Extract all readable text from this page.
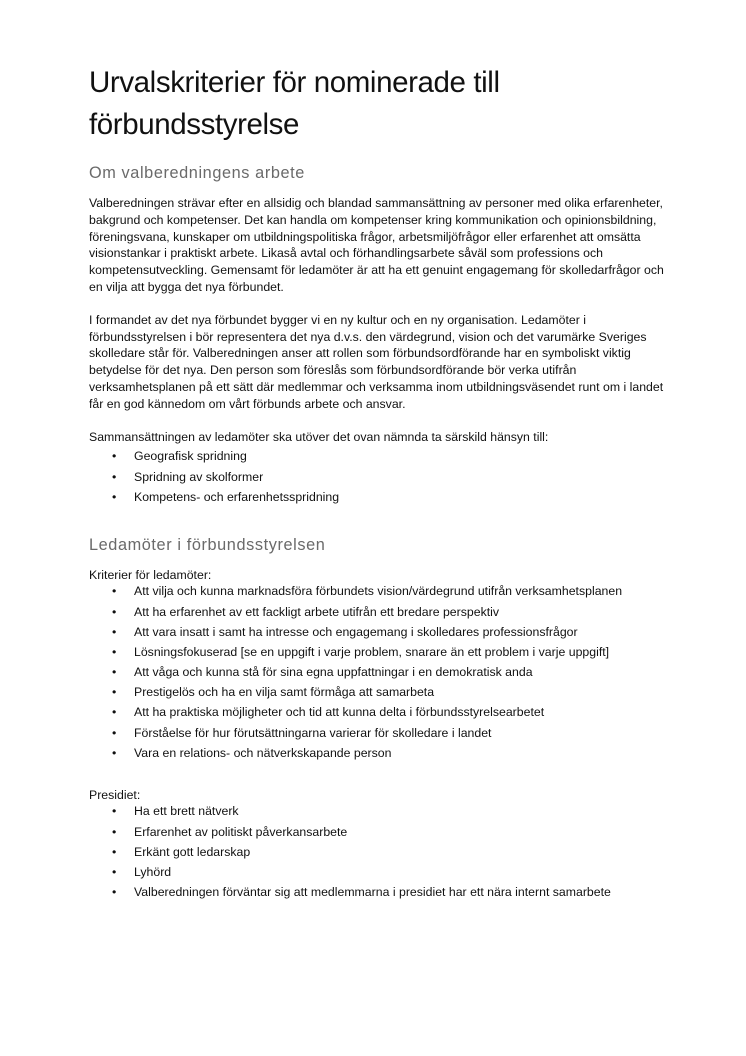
Urvalskriterier för nominerade till förbundsstyrelse
Om valberedningens arbete

Valberedningen strävar efter en allsidig och blandad sammansättning av personer med olika erfarenheter, bakgrund och kompetenser. Det kan handla om kompetenser kring kommunikation och opinionsbildning, föreningsvana, kunskaper om utbildningspolitiska frågor, arbetsmiljöfrågor eller erfarenhet att omsätta visionstankar i praktiskt arbete. Likaså avtal och förhandlingsarbete såväl som professions och kompetensutveckling. Gemensamt för ledamöter är att ha ett genuint engagemang för skolledarfrågor och en vilja att bygga det nya förbundet.

I formandet av det nya förbundet bygger vi en ny kultur och en ny organisation. Ledamöter i förbundsstyrelsen i bör representera det nya d.v.s. den värdegrund, vision och det varumärke Sveriges skolledare står för. Valberedningen anser att rollen som förbundsordförande har en symboliskt viktig betydelse för det nya. Den person som föreslås som förbundsordförande bör verka utifrån verksamhetsplanen på ett sätt där medlemmar och verksamma inom utbildningsväsendet runt om i landet får en god kännedom om vårt förbunds arbete och ansvar.

Sammansättningen av ledamöter ska utöver det ovan nämnda ta särskild hänsyn till:

• Geografisk spridning
• Spridning av skolformer
• Kompetens- och erfarenhetsspridning
Ledamöter i förbundsstyrelsen

Kriterier för ledamöter:

• Att vilja och kunna marknadsföra förbundets vision/värdegrund utifrån verksamhetsplanen
• Att ha erfarenhet av ett fackligt arbete utifrån ett bredare perspektiv
• Att vara insatt i samt ha intresse och engagemang i skolledares professionsfrågor
• Lösningsfokuserad [se en uppgift i varje problem, snarare än ett problem i varje uppgift]
• Att våga och kunna stå för sina egna uppfattningar i en demokratisk anda
• Prestigelös och ha en vilja samt förmåga att samarbeta
• Att ha praktiska möjligheter och tid att kunna delta i förbundsstyrelsearbetet
• Förståelse för hur förutsättningarna varierar för skolledare i landet
• Vara en relations- och nätverkskapande person

Presidiet:

• Ha ett brett nätverk
• Erfarenhet av politiskt påverkansarbete
• Erkänt gott ledarskap
• Lyhörd
• Valberedningen förväntar sig att medlemmarna i presidiet har ett nära internt samarbete
